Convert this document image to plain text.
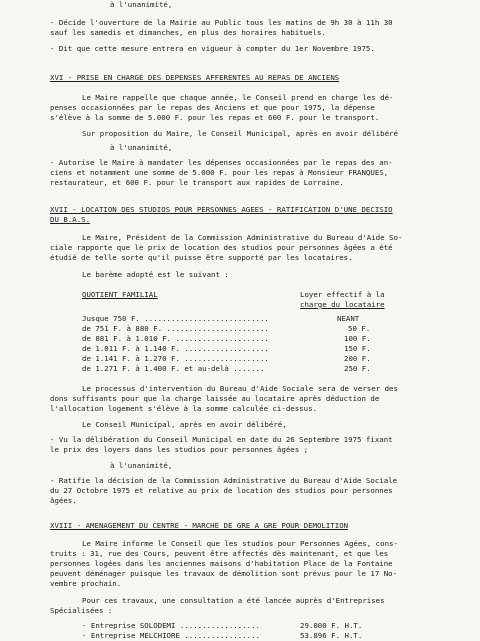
à l'unanimité,
- Décide l'ouverture de la Mairie au Public tous les matins de 9h 30 à 11h 30
sauf les samedis et dimanches, en plus des horaires habituels.
- Dit que cette mesure entrera en vigueur à compter du 1er Novembre 1975.
XVI - PRISE EN CHARGE DES DEPENSES AFFERENTES AU REPAS DE ANCIENS
Le Maire rappelle que chaque année, le Conseil prend en charge les dé-
penses occasionnées par le repas des Anciens et que pour 1975, la dépense
s'élève à la somme de 5.000 F. pour les repas et 600 F. pour le transport.
Sur proposition du Maire, le Conseil Municipal, après en avoir délibéré
à l'unanimité,
- Autorise le Maire à mandater les dépenses occasionnées par le repas des an-
ciens et notamment une somme de 5.000 F. pour les repas à Monsieur FRANQUES,
restaurateur, et 600 F. pour le transport aux rapides de Lorraine.
XVII - LOCATION DES STUDIOS POUR PERSONNES AGEES - RATIFICATION D'UNE DECISIO
DU B.A.S.
Le Maire, Président de la Commission Administrative du Bureau d'Aide So-
ciale rapporte que le prix de location des studios pour personnes âgées a été
étudié de telle sorte qu'il puisse être supporté par les locataires.
Le barème adopté est le suivant :
QUOTIENT FAMILIAL	Loyer effectif à la
charge du locataire
Jusque 750 F. ............................	NEANT
de 751 F. à 880 F. .......................	50 F.
de 881 F. à 1.010 F. .....................	100 F.
de 1.011 F. à 1.140 F. ...................	150 F.
de 1.141 F. à 1.270 F. ...................	200 F.
de 1.271 F. à 1.400 F. et au-delà .......	250 F.
Le processus d'intervention du Bureau d'Aide Sociale sera de verser des
dons suffisants pour que la charge laissée au locataire après déduction de
l'allocation logement s'élève à la somme calculée ci-dessus.
Le Conseil Municipal, après en avoir délibéré,
- Vu la délibération du Conseil Municipal en date du 26 Septembre 1975 fixant
le prix des loyers dans les studios pour personnes âgées ;
à l'unanimité,
- Ratifie la décision de la Commission Administrative du Bureau d'Aide Sociale
du 27 Octobre 1975 et relative au prix de location des studios pour personnes
âgées.
XVIII - AMENAGEMENT DU CENTRE - MARCHE DE GRE A GRE POUR DEMOLITION
Le Maire informe le Conseil que les studios pour Personnes Agées, cons-
truits : 31, rue des Cours, peuvent être affectés dès maintenant, et que les
personnes logées dans les anciennes maisons d'habitation Place de la Fontaine
peuvent déménager puisque les travaux de démolition sont prévus pour le 17 No-
vembre prochain.
Pour ces travaux, une consultation a été lancée auprès d'Entreprises
Spécialisées :
- Entreprise SOLODEMI ..................	29.000 F. H.T.
- Entreprise MELCHIORE .................	53.896 F. H.T.
